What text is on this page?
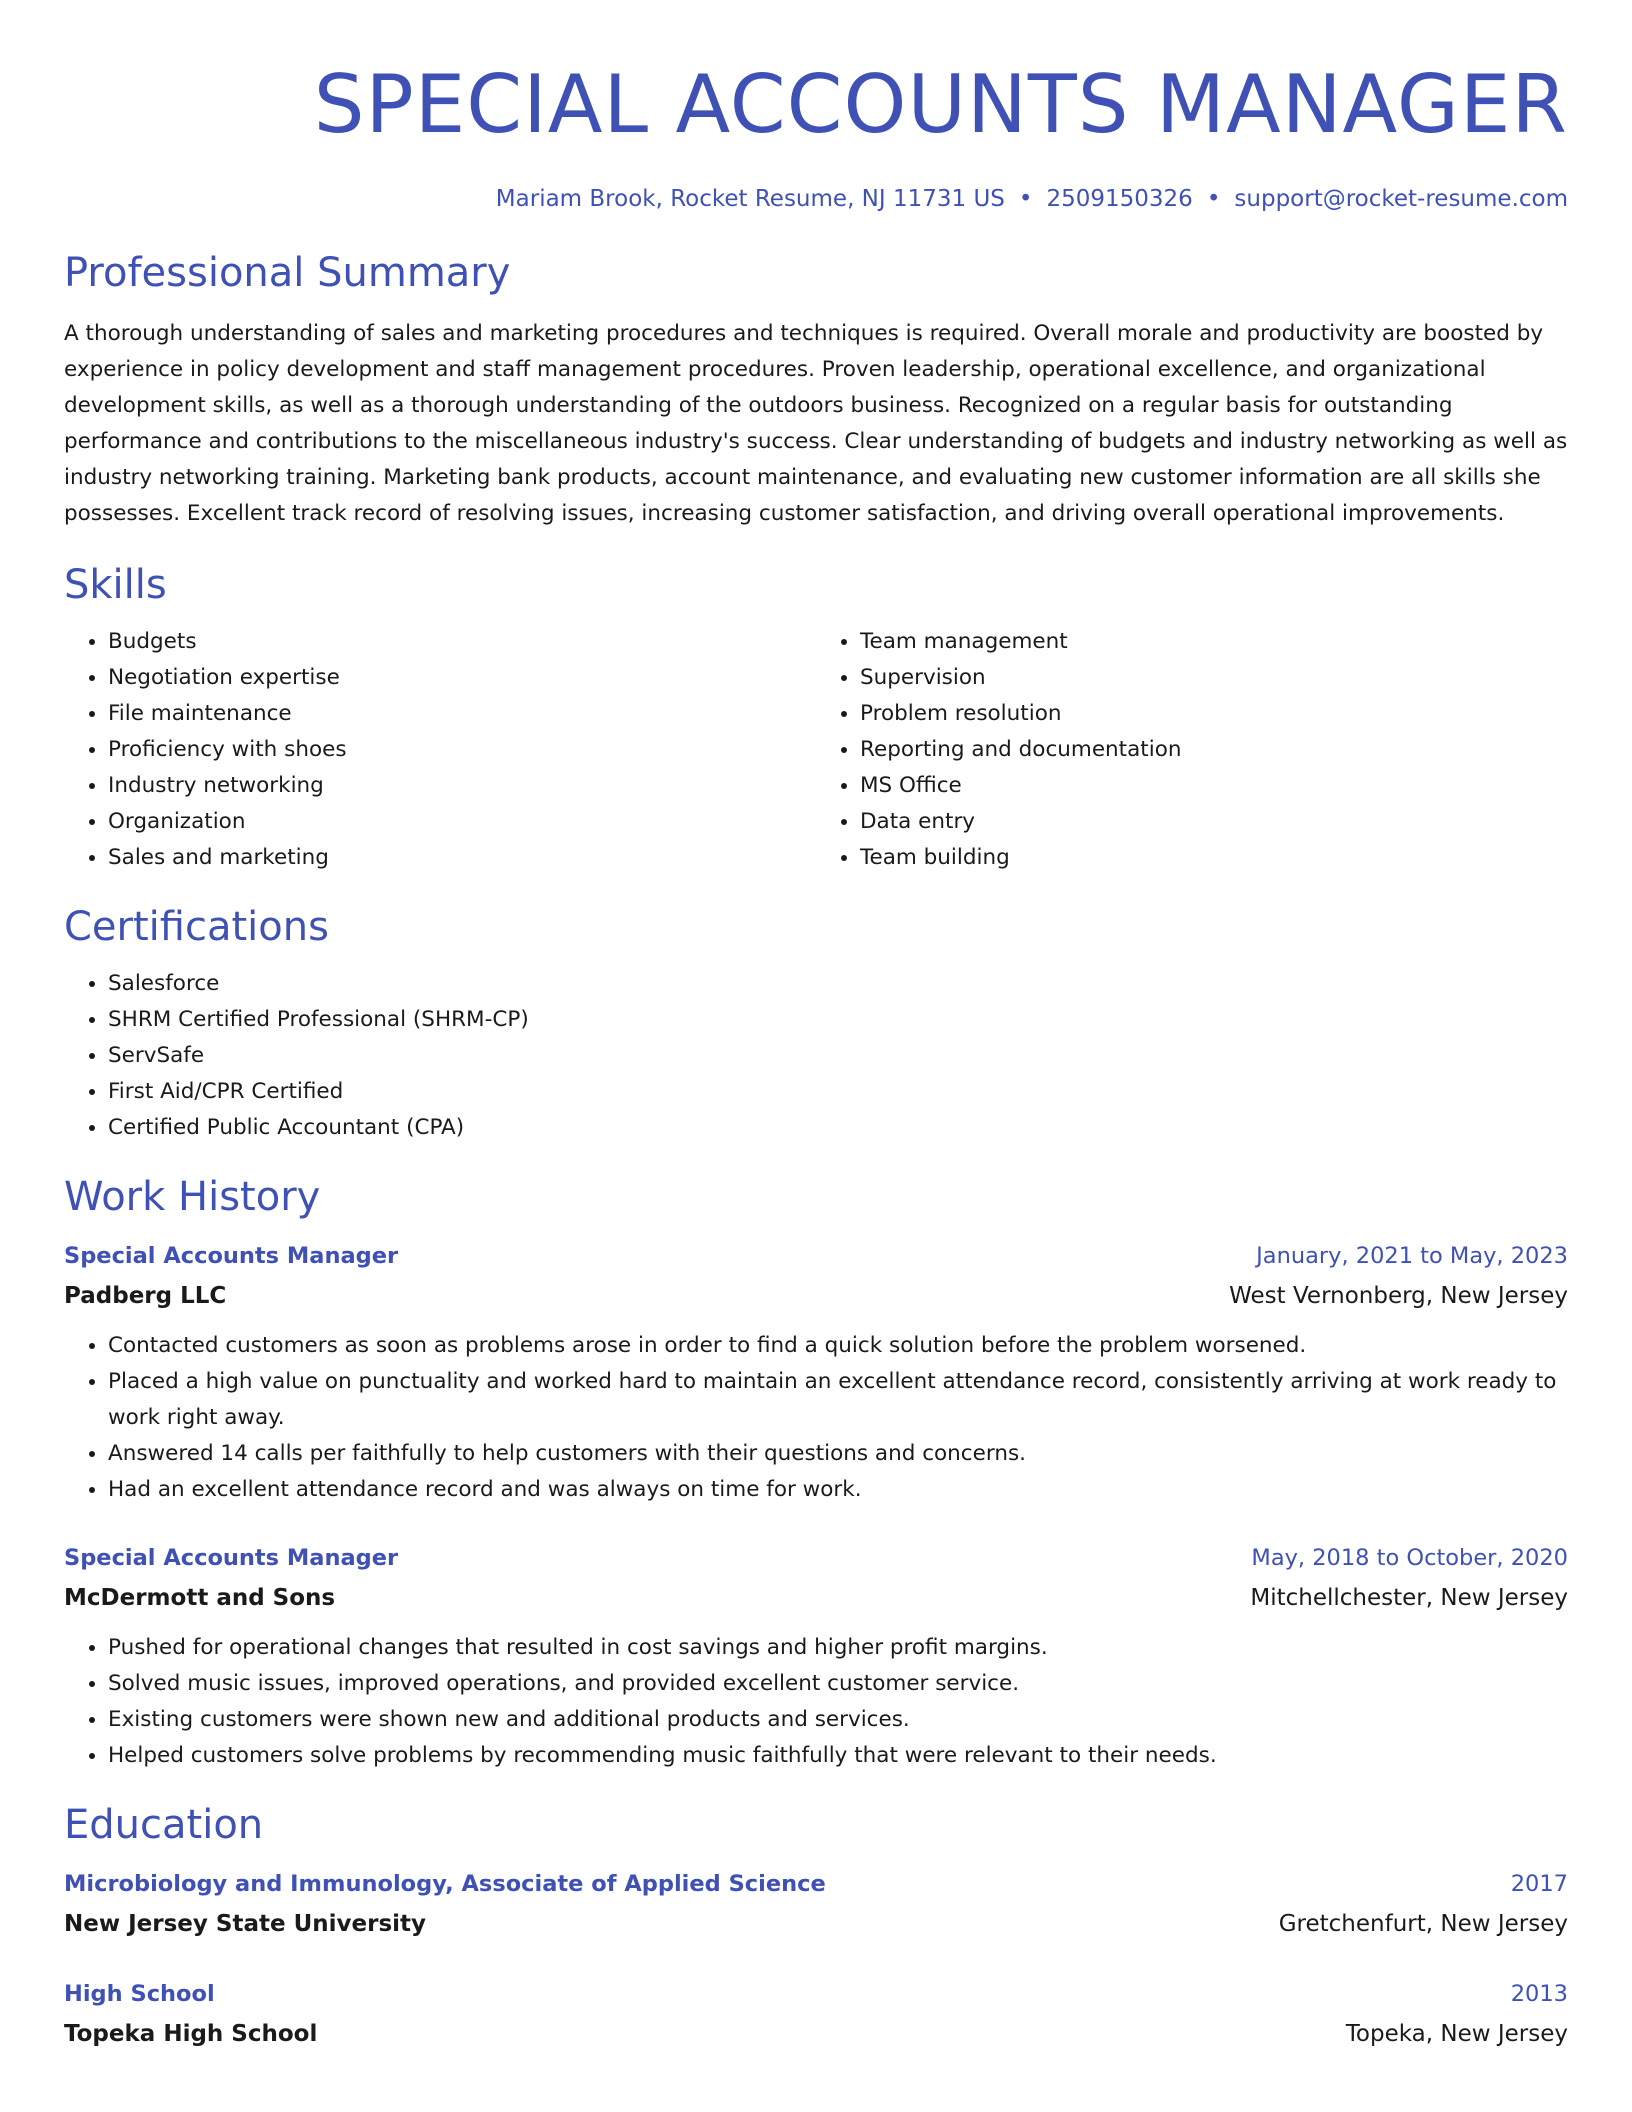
SPECIAL ACCOUNTS MANAGER
Mariam Brook, Rocket Resume, NJ 11731 US • 2509150326 • support@rocket-resume.com
Professional Summary

A thorough understanding of sales and marketing procedures and techniques is required. Overall morale and productivity are boosted by experience in policy development and staff management procedures. Proven leadership, operational excellence, and organizational development skills, as well as a thorough understanding of the outdoors business. Recognized on a regular basis for outstanding performance and contributions to the miscellaneous industry's success. Clear understanding of budgets and industry networking as well as industry networking training. Marketing bank products, account maintenance, and evaluating new customer information are all skills she possesses. Excellent track record of resolving issues, increasing customer satisfaction, and driving overall operational improvements.

Skills
• Budgets
• Negotiation expertise
• File maintenance
• Proficiency with shoes
• Industry networking
• Organization
• Sales and marketing
• Team management
• Supervision
• Problem resolution
• Reporting and documentation
• MS Office
• Data entry
• Team building
Certifications
• Salesforce
• SHRM Certified Professional (SHRM-CP)
• ServSafe
• First Aid/CPR Certified
• Certified Public Accountant (CPA)
Work History
Special Accounts Manager	January, 2021 to May, 2023
Padberg LLC	West Vernonberg, New Jersey
• Contacted customers as soon as problems arose in order to find a quick solution before the problem worsened.
• Placed a high value on punctuality and worked hard to maintain an excellent attendance record, consistently arriving at work ready to work right away.
• Answered 14 calls per faithfully to help customers with their questions and concerns.
• Had an excellent attendance record and was always on time for work.
Special Accounts Manager	May, 2018 to October, 2020
McDermott and Sons	Mitchellchester, New Jersey
• Pushed for operational changes that resulted in cost savings and higher profit margins.
• Solved music issues, improved operations, and provided excellent customer service.
• Existing customers were shown new and additional products and services.
• Helped customers solve problems by recommending music faithfully that were relevant to their needs.
Education
Microbiology and Immunology, Associate of Applied Science	2017
New Jersey State University	Gretchenfurt, New Jersey
High School	2013
Topeka High School	Topeka, New Jersey
